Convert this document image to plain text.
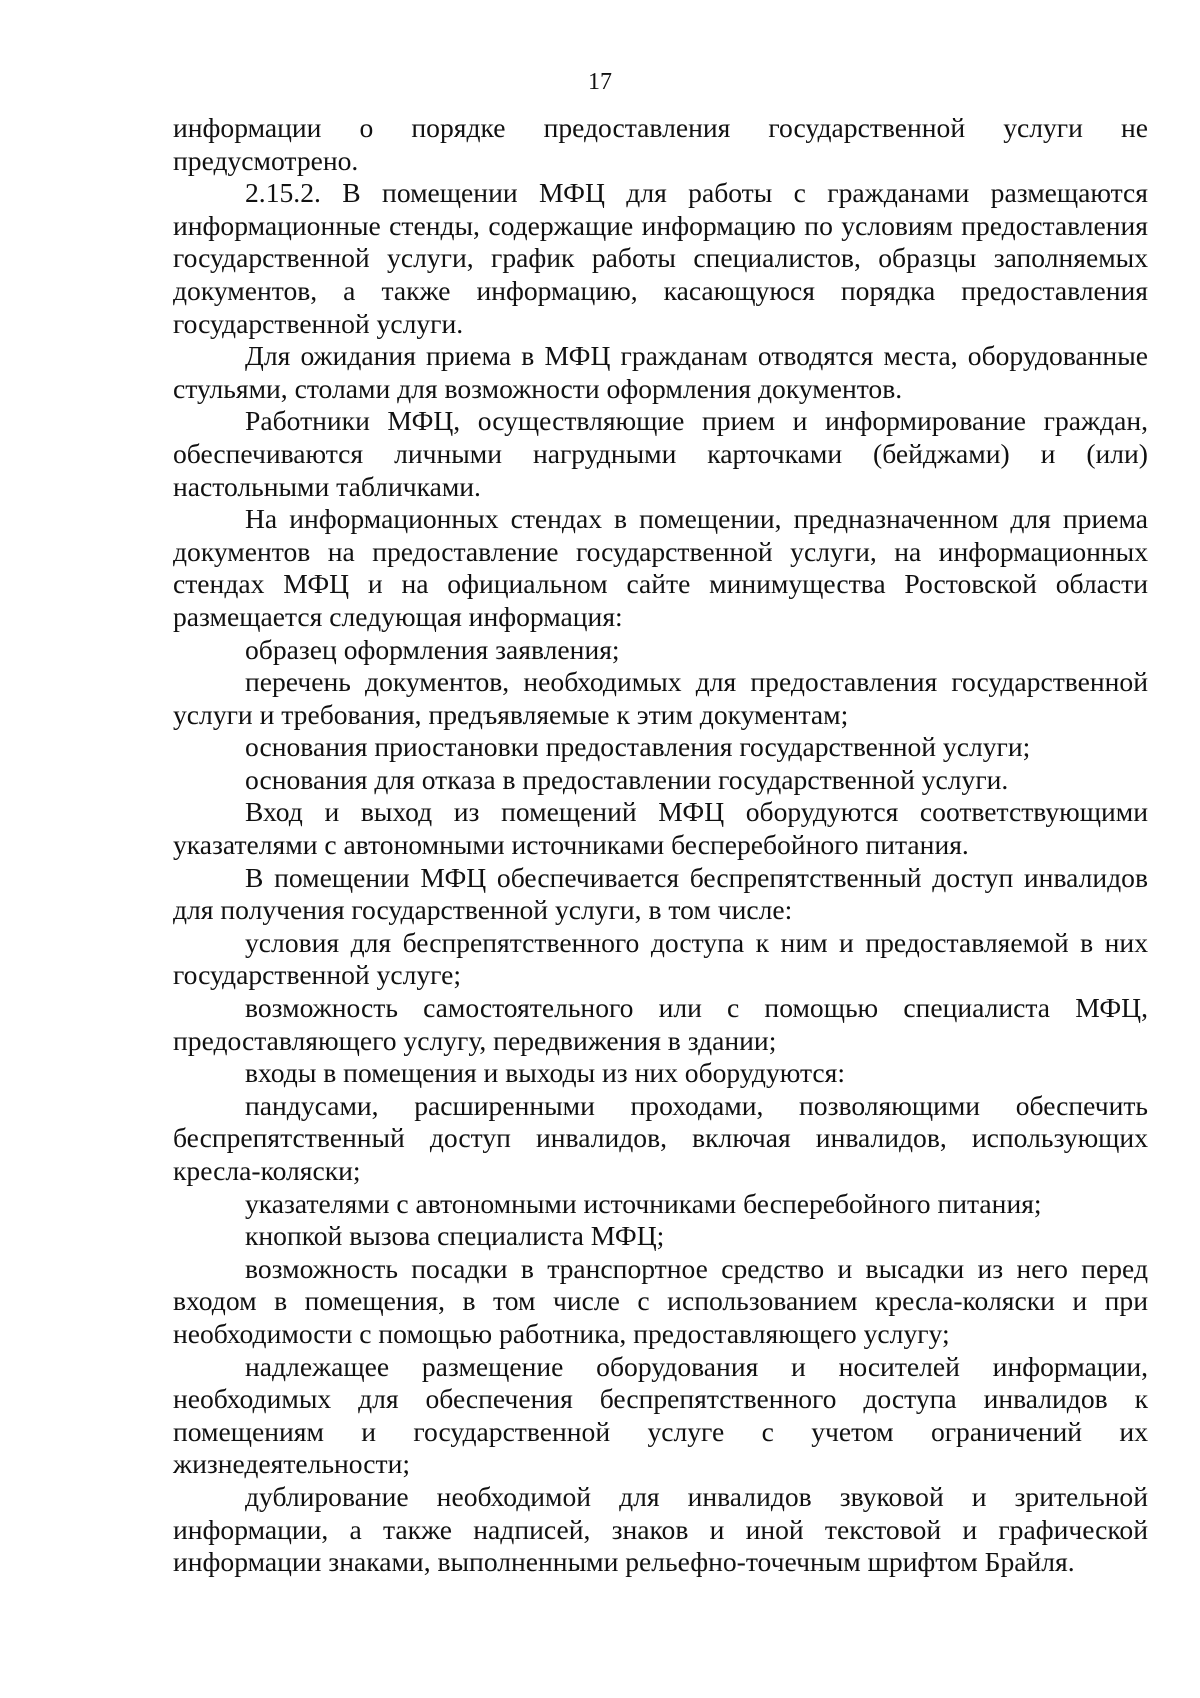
17

информации о порядке предоставления государственной услуги не предусмотрено.

2.15.2. В помещении МФЦ для работы с гражданами размещаются информационные стенды, содержащие информацию по условиям предоставления государственной услуги, график работы специалистов, образцы заполняемых документов, а также информацию, касающуюся порядка предоставления государственной услуги.

Для ожидания приема в МФЦ гражданам отводятся места, оборудованные стульями, столами для возможности оформления документов.

Работники МФЦ, осуществляющие прием и информирование граждан, обеспечиваются личными нагрудными карточками (бейджами) и (или) настольными табличками.

На информационных стендах в помещении, предназначенном для приема документов на предоставление государственной услуги, на информационных стендах МФЦ и на официальном сайте минимущества Ростовской области размещается следующая информация:

образец оформления заявления;

перечень документов, необходимых для предоставления государственной услуги и требования, предъявляемые к этим документам;

основания приостановки предоставления государственной услуги;

основания для отказа в предоставлении государственной услуги.

Вход и выход из помещений МФЦ оборудуются соответствующими указателями с автономными источниками бесперебойного питания.

В помещении МФЦ обеспечивается беспрепятственный доступ инвалидов для получения государственной услуги, в том числе:

условия для беспрепятственного доступа к ним и предоставляемой в них государственной услуге;

возможность самостоятельного или с помощью специалиста МФЦ, предоставляющего услугу, передвижения в здании;

входы в помещения и выходы из них оборудуются:

пандусами, расширенными проходами, позволяющими обеспечить беспрепятственный доступ инвалидов, включая инвалидов, использующих кресла-коляски;

указателями с автономными источниками бесперебойного питания;

кнопкой вызова специалиста МФЦ;

возможность посадки в транспортное средство и высадки из него перед входом в помещения, в том числе с использованием кресла-коляски и при необходимости с помощью работника, предоставляющего услугу;

надлежащее размещение оборудования и носителей информации, необходимых для обеспечения беспрепятственного доступа инвалидов к помещениям и государственной услуге с учетом ограничений их жизнедеятельности;

дублирование необходимой для инвалидов звуковой и зрительной информации, а также надписей, знаков и иной текстовой и графической информации знаками, выполненными рельефно-точечным шрифтом Брайля.
